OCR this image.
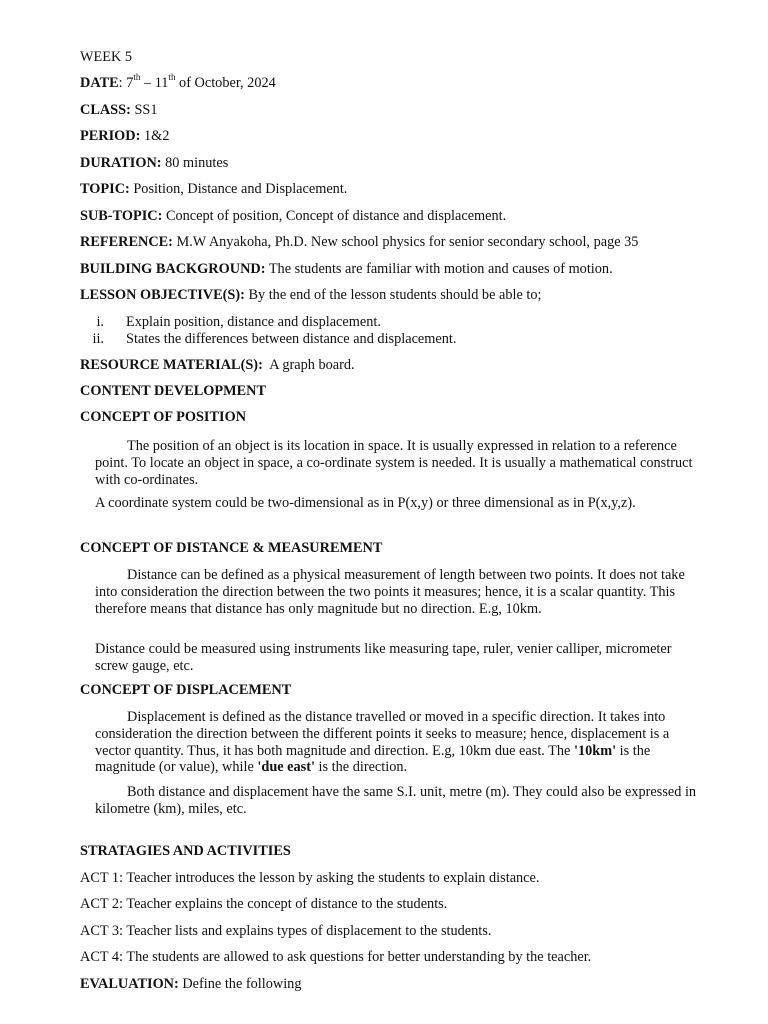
WEEK 5
DATE: 7th – 11th of October, 2024
CLASS: SS1
PERIOD: 1&2
DURATION: 80 minutes
TOPIC: Position, Distance and Displacement.
SUB-TOPIC: Concept of position, Concept of distance and displacement.
REFERENCE: M.W Anyakoha, Ph.D. New school physics for senior secondary school, page 35
BUILDING BACKGROUND: The students are familiar with motion and causes of motion.
LESSON OBJECTIVE(S): By the end of the lesson students should be able to;
i. Explain position, distance and displacement.
ii. States the differences between distance and displacement.
RESOURCE MATERIAL(S): A graph board.
CONTENT DEVELOPMENT
CONCEPT OF POSITION
The position of an object is its location in space. It is usually expressed in relation to a reference point. To locate an object in space, a co-ordinate system is needed. It is usually a mathematical construct with co-ordinates.
A coordinate system could be two-dimensional as in P(x,y) or three dimensional as in P(x,y,z).
CONCEPT OF DISTANCE & MEASUREMENT
Distance can be defined as a physical measurement of length between two points. It does not take into consideration the direction between the two points it measures; hence, it is a scalar quantity. This therefore means that distance has only magnitude but no direction. E.g, 10km.
Distance could be measured using instruments like measuring tape, ruler, venier calliper, micrometer screw gauge, etc.
CONCEPT OF DISPLACEMENT
Displacement is defined as the distance travelled or moved in a specific direction. It takes into consideration the direction between the different points it seeks to measure; hence, displacement is a vector quantity. Thus, it has both magnitude and direction. E.g, 10km due east. The '10km' is the magnitude (or value), while 'due east' is the direction.
Both distance and displacement have the same S.I. unit, metre (m). They could also be expressed in kilometre (km), miles, etc.
STRATAGIES AND ACTIVITIES
ACT 1: Teacher introduces the lesson by asking the students to explain distance.
ACT 2: Teacher explains the concept of distance to the students.
ACT 3: Teacher lists and explains types of displacement to the students.
ACT 4: The students are allowed to ask questions for better understanding by the teacher.
EVALUATION: Define the following
